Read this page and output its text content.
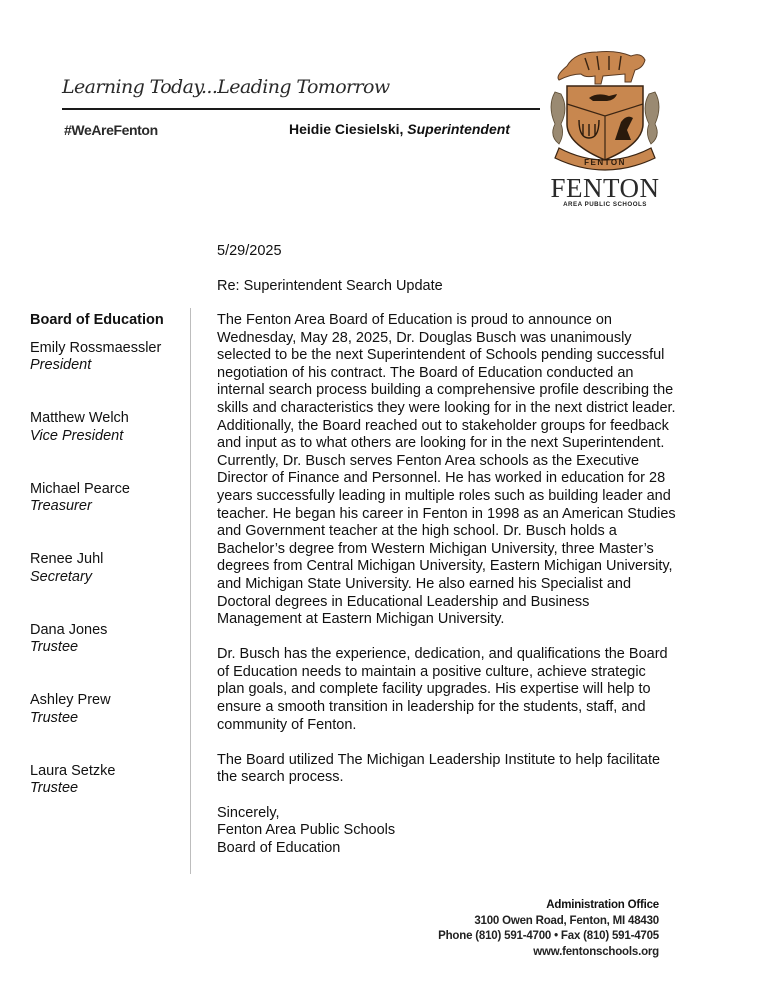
Learning Today...Leading Tomorrow
#WeAreFenton	Heidie Ciesielski, Superintendent
FENTON
FENTON
AREA PUBLIC SCHOOLS
5/29/2025
Re: Superintendent Search Update
Board of Education
Emily Rossmaessler
President
Matthew Welch
Vice President
Michael Pearce
Treasurer
Renee Juhl
Secretary
Dana Jones
Trustee
Ashley Prew
Trustee
Laura Setzke
Trustee

The Fenton Area Board of Education is proud to announce on Wednesday, May 28, 2025, Dr. Douglas Busch was unanimously selected to be the next Superintendent of Schools pending successful negotiation of his contract. The Board of Education conducted an internal search process building a comprehensive profile describing the skills and characteristics they were looking for in the next district leader. Additionally, the Board reached out to stakeholder groups for feedback and input as to what others are looking for in the next Superintendent. Currently, Dr. Busch serves Fenton Area schools as the Executive Director of Finance and Personnel. He has worked in education for 28 years successfully leading in multiple roles such as building leader and teacher. He began his career in Fenton in 1998 as an American Studies and Government teacher at the high school. Dr. Busch holds a Bachelor’s degree from Western Michigan University, three Master’s degrees from Central Michigan University, Eastern Michigan University, and Michigan State University. He also earned his Specialist and Doctoral degrees in Educational Leadership and Business Management at Eastern Michigan University.

Dr. Busch has the experience, dedication, and qualifications the Board of Education needs to maintain a positive culture, achieve strategic plan goals, and complete facility upgrades. His expertise will help to ensure a smooth transition in leadership for the students, staff, and community of Fenton.

The Board utilized The Michigan Leadership Institute to help facilitate the search process.

Sincerely,
Fenton Area Public Schools
Board of Education
Administration Office
3100 Owen Road, Fenton, MI 48430
Phone (810) 591-4700 • Fax (810) 591-4705
www.fentonschools.org
